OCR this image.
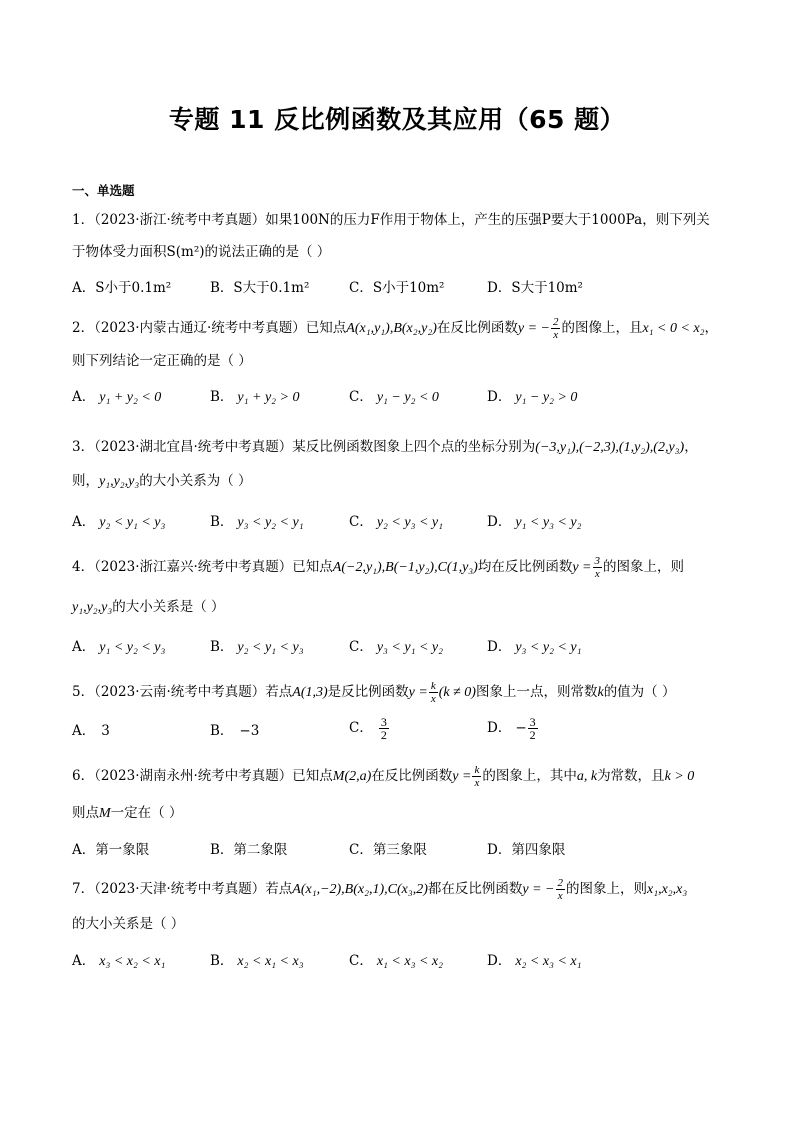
专题 11 反比例函数及其应用（65 题）
一、单选题
1．（2023·浙江·统考中考真题）如果100N的压力F作用于物体上，产生的压强P要大于1000Pa，则下列关
于物体受力面积S(m²)的说法正确的是（ ）
A．S小于0.1m²	B．S大于0.1m²	C．S小于10m²	D．S大于10m²
2．（2023·内蒙古通辽·统考中考真题）已知点A(x₁,y₁),B(x₂,y₂)在反比例函数y = − $\frac{2}{x}$ 的图像上，且x₁ < 0 < x₂，
则下列结论一定正确的是（ ）
A． y₁ + y₂ < 0	B． y₁ + y₂ > 0	C． y₁ − y₂ < 0	D． y₁ − y₂ > 0
3．（2023·湖北宜昌·统考中考真题）某反比例函数图象上四个点的坐标分别为(−3,y₁),(−2,3),(1,y₂),(2,y₃)，
则，y₁,y₂,y₃的大小关系为（ ）
A． y₂ < y₁ < y₃	B． y₃ < y₂ < y₁	C． y₂ < y₃ < y₁	D． y₁ < y₃ < y₂
4．（2023·浙江嘉兴·统考中考真题）已知点A(−2,y₁),B(−1,y₂),C(1,y₃)均在反比例函数$y = \frac{3}{x}$ 的图象上，则
y₁,y₂,y₃的大小关系是（ ）
A． y₁ < y₂ < y₃	B． y₂ < y₁ < y₃	C． y₃ < y₁ < y₂	D． y₃ < y₂ < y₁
5．（2023·云南·统考中考真题）若点A(1,3)是反比例函数$y = \frac{k}{x} (k \ne 0)$图象上一点，则常数k的值为（ ）
A． 3	B． −3	C． $\frac{3}{2}$	D． − $\frac{3}{2}$
6．（2023·湖南永州·统考中考真题）已知点M(2,a)在反比例函数$y = \frac{k}{x}$ 的图象上，其中a, k为常数，且k > 0
则点M一定在（ ）
A．第一象限	B．第二象限	C．第三象限	D．第四象限
7．（2023·天津·统考中考真题）若点A(x₁,−2),B(x₂,1),C(x₃,2)都在反比例函数y = − $\frac{2}{x}$ 的图象上，则x₁,x₂,x₃
的大小关系是（ ）
A． x₃ < x₂ < x₁	B． x₂ < x₁ < x₃	C． x₁ < x₃ < x₂	D． x₂ < x₃ < x₁
